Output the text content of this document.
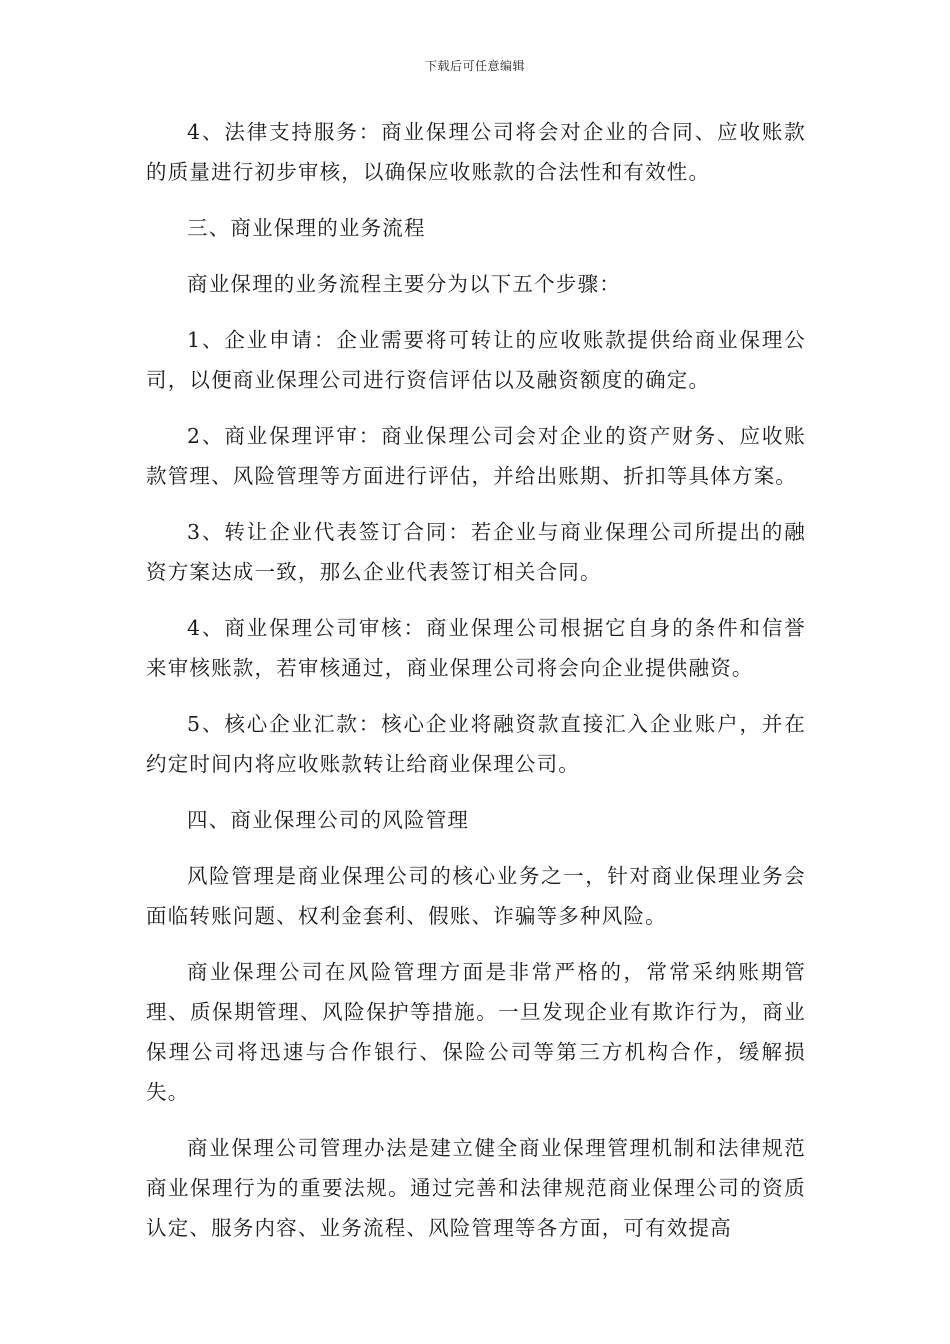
下载后可任意编辑

4、法律支持服务：商业保理公司将会对企业的合同、应收账款的质量进行初步审核，以确保应收账款的合法性和有效性。

三、商业保理的业务流程

商业保理的业务流程主要分为以下五个步骤：

1、企业申请：企业需要将可转让的应收账款提供给商业保理公司，以便商业保理公司进行资信评估以及融资额度的确定。

2、商业保理评审：商业保理公司会对企业的资产财务、应收账款管理、风险管理等方面进行评估，并给出账期、折扣等具体方案。

3、转让企业代表签订合同：若企业与商业保理公司所提出的融资方案达成一致，那么企业代表签订相关合同。

4、商业保理公司审核：商业保理公司根据它自身的条件和信誉来审核账款，若审核通过，商业保理公司将会向企业提供融资。

5、核心企业汇款：核心企业将融资款直接汇入企业账户，并在约定时间内将应收账款转让给商业保理公司。

四、商业保理公司的风险管理

风险管理是商业保理公司的核心业务之一，针对商业保理业务会面临转账问题、权利金套利、假账、诈骗等多种风险。

商业保理公司在风险管理方面是非常严格的，常常采纳账期管理、质保期管理、风险保护等措施。一旦发现企业有欺诈行为，商业保理公司将迅速与合作银行、保险公司等第三方机构合作，缓解损失。

商业保理公司管理办法是建立健全商业保理管理机制和法律规范商业保理行为的重要法规。通过完善和法律规范商业保理公司的资质认定、服务内容、业务流程、风险管理等各方面，可有效提高
